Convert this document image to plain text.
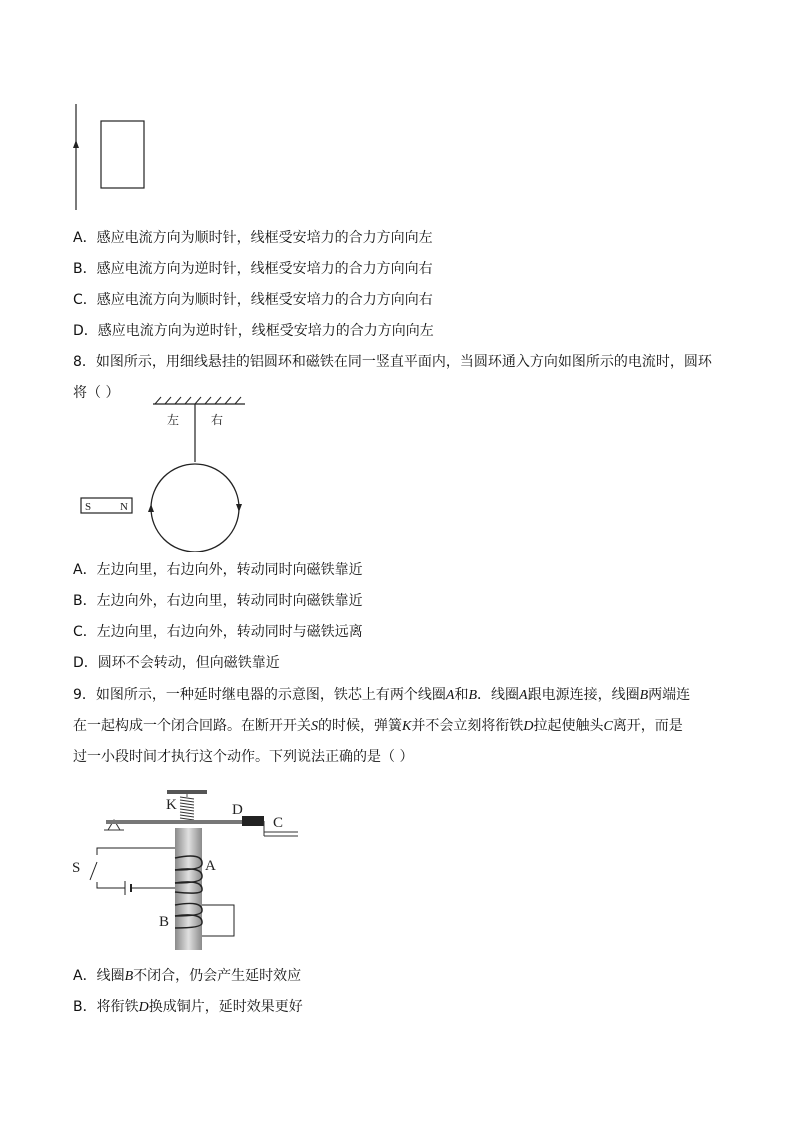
A．感应电流方向为顺时针，线框受安培力的合力方向向左
B．感应电流方向为逆时针，线框受安培力的合力方向向右
C．感应电流方向为顺时针，线框受安培力的合力方向向右
D．感应电流方向为逆时针，线框受安培力的合力方向向左
8．如图所示，用细线悬挂的铝圆环和磁铁在同一竖直平面内，当圆环通入方向如图所示的电流时，圆环
将（ ）
左	右
S	N
A．左边向里，右边向外，转动同时向磁铁靠近
B．左边向外，右边向里，转动同时向磁铁靠近
C．左边向里，右边向外，转动同时与磁铁远离
D．圆环不会转动，但向磁铁靠近
9．如图所示，一种延时继电器的示意图，铁芯上有两个线圈A和B．线圈A跟电源连接，线圈B两端连
在一起构成一个闭合回路。在断开开关S的时候，弹簧K并不会立刻将衔铁D拉起使触头C离开，而是
过一小段时间才执行这个动作。下列说法正确的是（ ）
K	D
C
A
S
B
A．线圈B不闭合，仍会产生延时效应
B．将衔铁D换成铜片，延时效果更好
